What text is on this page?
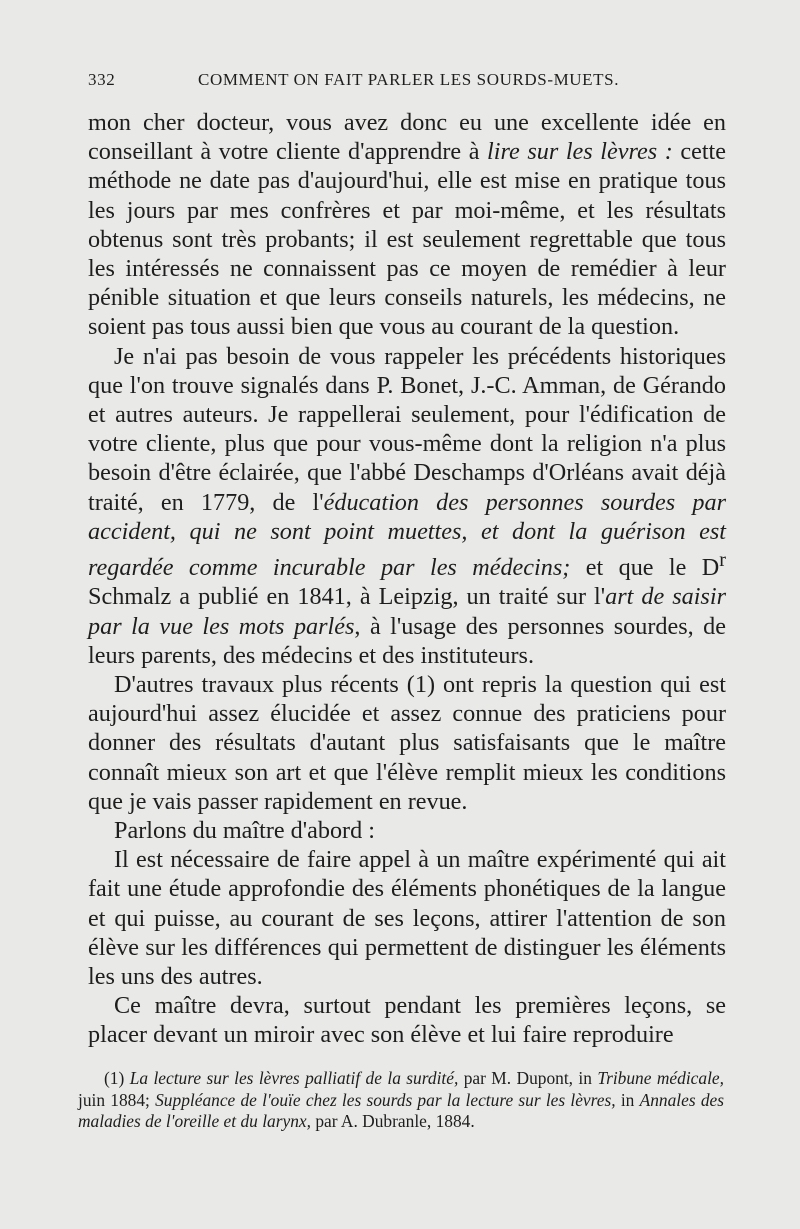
332	COMMENT ON FAIT PARLER LES SOURDS-MUETS.

mon cher docteur, vous avez donc eu une excellente idée en conseillant à votre cliente d'apprendre à lire sur les lèvres : cette méthode ne date pas d'aujourd'hui, elle est mise en pratique tous les jours par mes confrères et par moi-même, et les résultats obtenus sont très probants; il est seulement regrettable que tous les intéressés ne connaissent pas ce moyen de remédier à leur pénible situation et que leurs conseils naturels, les médecins, ne soient pas tous aussi bien que vous au courant de la question.

Je n'ai pas besoin de vous rappeler les précédents historiques que l'on trouve signalés dans P. Bonet, J.-C. Amman, de Gérando et autres auteurs. Je rappellerai seulement, pour l'édification de votre cliente, plus que pour vous-même dont la religion n'a plus besoin d'être éclairée, que l'abbé Deschamps d'Orléans avait déjà traité, en 1779, de l'éducation des personnes sourdes par accident, qui ne sont point muettes, et dont la guérison est regardée comme incurable par les médecins; et que le $D^r$ Schmalz a publié en 1841, à Leipzig, un traité sur l'art de saisir par la vue les mots parlés, à l'usage des personnes sourdes, de leurs parents, des médecins et des instituteurs.

D'autres travaux plus récents (1) ont repris la question qui est aujourd'hui assez élucidée et assez connue des praticiens pour donner des résultats d'autant plus satisfaisants que le maître connaît mieux son art et que l'élève remplit mieux les conditions que je vais passer rapidement en revue.

Parlons du maître d'abord :

Il est nécessaire de faire appel à un maître expérimenté qui ait fait une étude approfondie des éléments phonétiques de la langue et qui puisse, au courant de ses leçons, attirer l'attention de son élève sur les différences qui permettent de distinguer les éléments les uns des autres.

Ce maître devra, surtout pendant les premières leçons, se placer devant un miroir avec son élève et lui faire reproduire

(1) La lecture sur les lèvres palliatif de la surdité, par M. Dupont, in Tribune médicale, juin 1884; Suppléance de l'ouïe chez les sourds par la lecture sur les lèvres, in Annales des maladies de l'oreille et du larynx, par A. Dubranle, 1884.
